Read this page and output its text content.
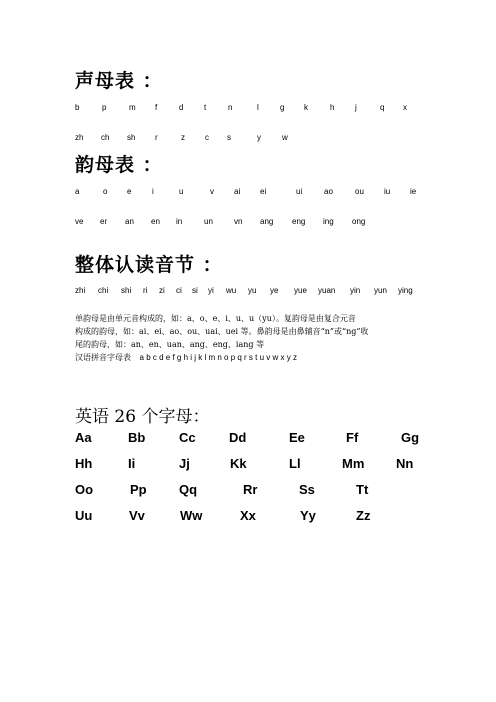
声母表 ：
b	p	m f	d	t	n	l	g k	h	j	q x
zh ch sh r	z	c s	y	w
韵母表 ：
a	o e	i	u	v	ai ei	ui	ao	ou	iu ie
ve er an en in	un	vn ang eng ing ong
整体认读音节 ：
zhi chi shi ri zi ci si yi wu yu ye yue yuan yin yun ying
单韵母是由单元音构成的，如：a、o、e、i、u、u（yu）。复韵母是由复合元音
构成的韵母，如：ai、ei、ao、ou、uai、uei 等。鼻韵母是由鼻辅音“n”或“ng”收
尾的韵母，如：an、en、uan、ang、eng、iang 等
汉语拼音字母表 a b c d e f g h i j k l m n o p q r s t u v w x y z
英语 26 个字母：
Aa	Bb	Cc	Dd	Ee	Ff	Gg
Hh	Ii	Jj	Kk	Ll	Mm Nn
Oo	Pp Qq	Rr	Ss	Tt
Uu	Vv	Ww	Xx	Yy	Zz
